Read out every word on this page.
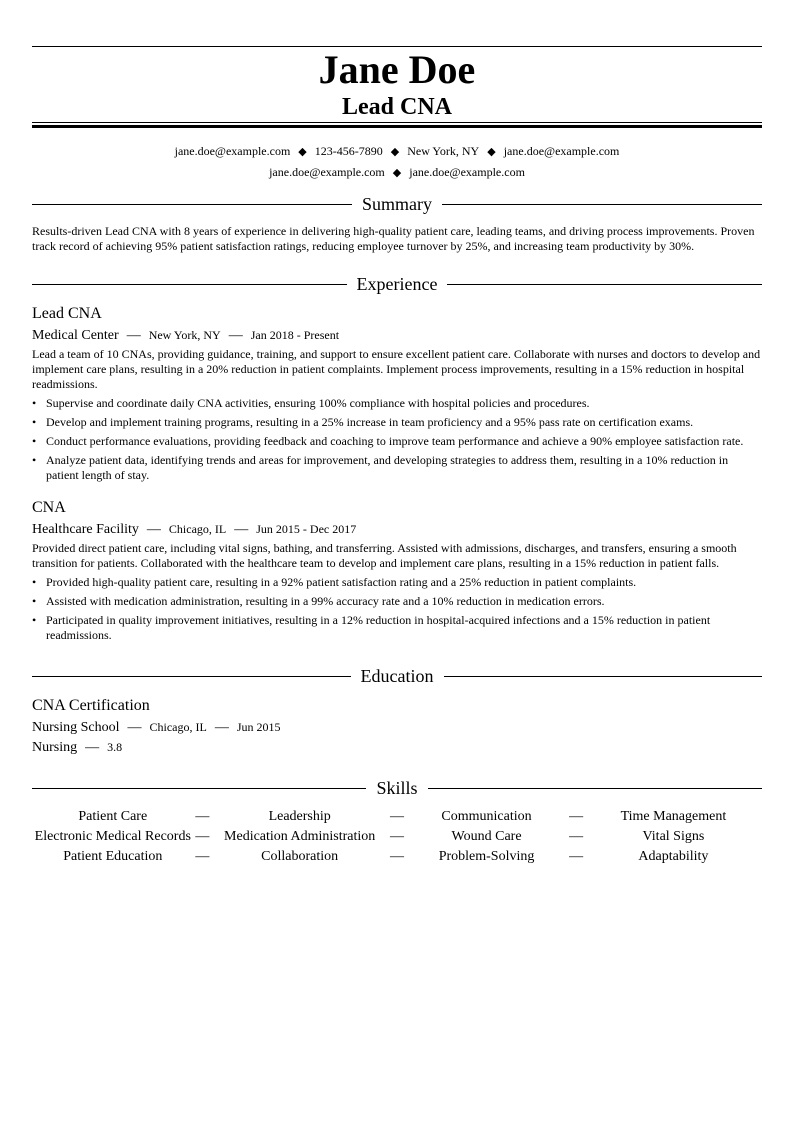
Jane Doe
Lead CNA
jane.doe@example.com ◆ 123-456-7890 ◆ New York, NY ◆ jane.doe@example.com
jane.doe@example.com ◆ jane.doe@example.com
Summary
Results-driven Lead CNA with 8 years of experience in delivering high-quality patient care, leading teams, and driving process improvements. Proven track record of achieving 95% patient satisfaction ratings, reducing employee turnover by 25%, and increasing team productivity by 30%.
Experience
Lead CNA
Medical Center — New York, NY — Jan 2018 - Present
Lead a team of 10 CNAs, providing guidance, training, and support to ensure excellent patient care. Collaborate with nurses and doctors to develop and implement care plans, resulting in a 20% reduction in patient complaints. Implement process improvements, resulting in a 15% reduction in hospital readmissions.
• Supervise and coordinate daily CNA activities, ensuring 100% compliance with hospital policies and procedures.
• Develop and implement training programs, resulting in a 25% increase in team proficiency and a 95% pass rate on certification exams.
• Conduct performance evaluations, providing feedback and coaching to improve team performance and achieve a 90% employee satisfaction rate.
• Analyze patient data, identifying trends and areas for improvement, and developing strategies to address them, resulting in a 10% reduction in patient length of stay.
CNA
Healthcare Facility — Chicago, IL — Jun 2015 - Dec 2017
Provided direct patient care, including vital signs, bathing, and transferring. Assisted with admissions, discharges, and transfers, ensuring a smooth transition for patients. Collaborated with the healthcare team to develop and implement care plans, resulting in a 15% reduction in patient falls.
• Provided high-quality patient care, resulting in a 92% patient satisfaction rating and a 25% reduction in patient complaints.
• Assisted with medication administration, resulting in a 99% accuracy rate and a 10% reduction in medication errors.
• Participated in quality improvement initiatives, resulting in a 12% reduction in hospital-acquired infections and a 15% reduction in patient readmissions.
Education
CNA Certification
Nursing School — Chicago, IL — Jun 2015
Nursing — 3.8
Skills
Patient Care	—	Leadership	—	Communication	—	Time Management
Electronic Medical Records —	Medication Administration	—	Wound Care	—	Vital Signs
Patient Education	—	Collaboration	—	Problem-Solving	—	Adaptability
